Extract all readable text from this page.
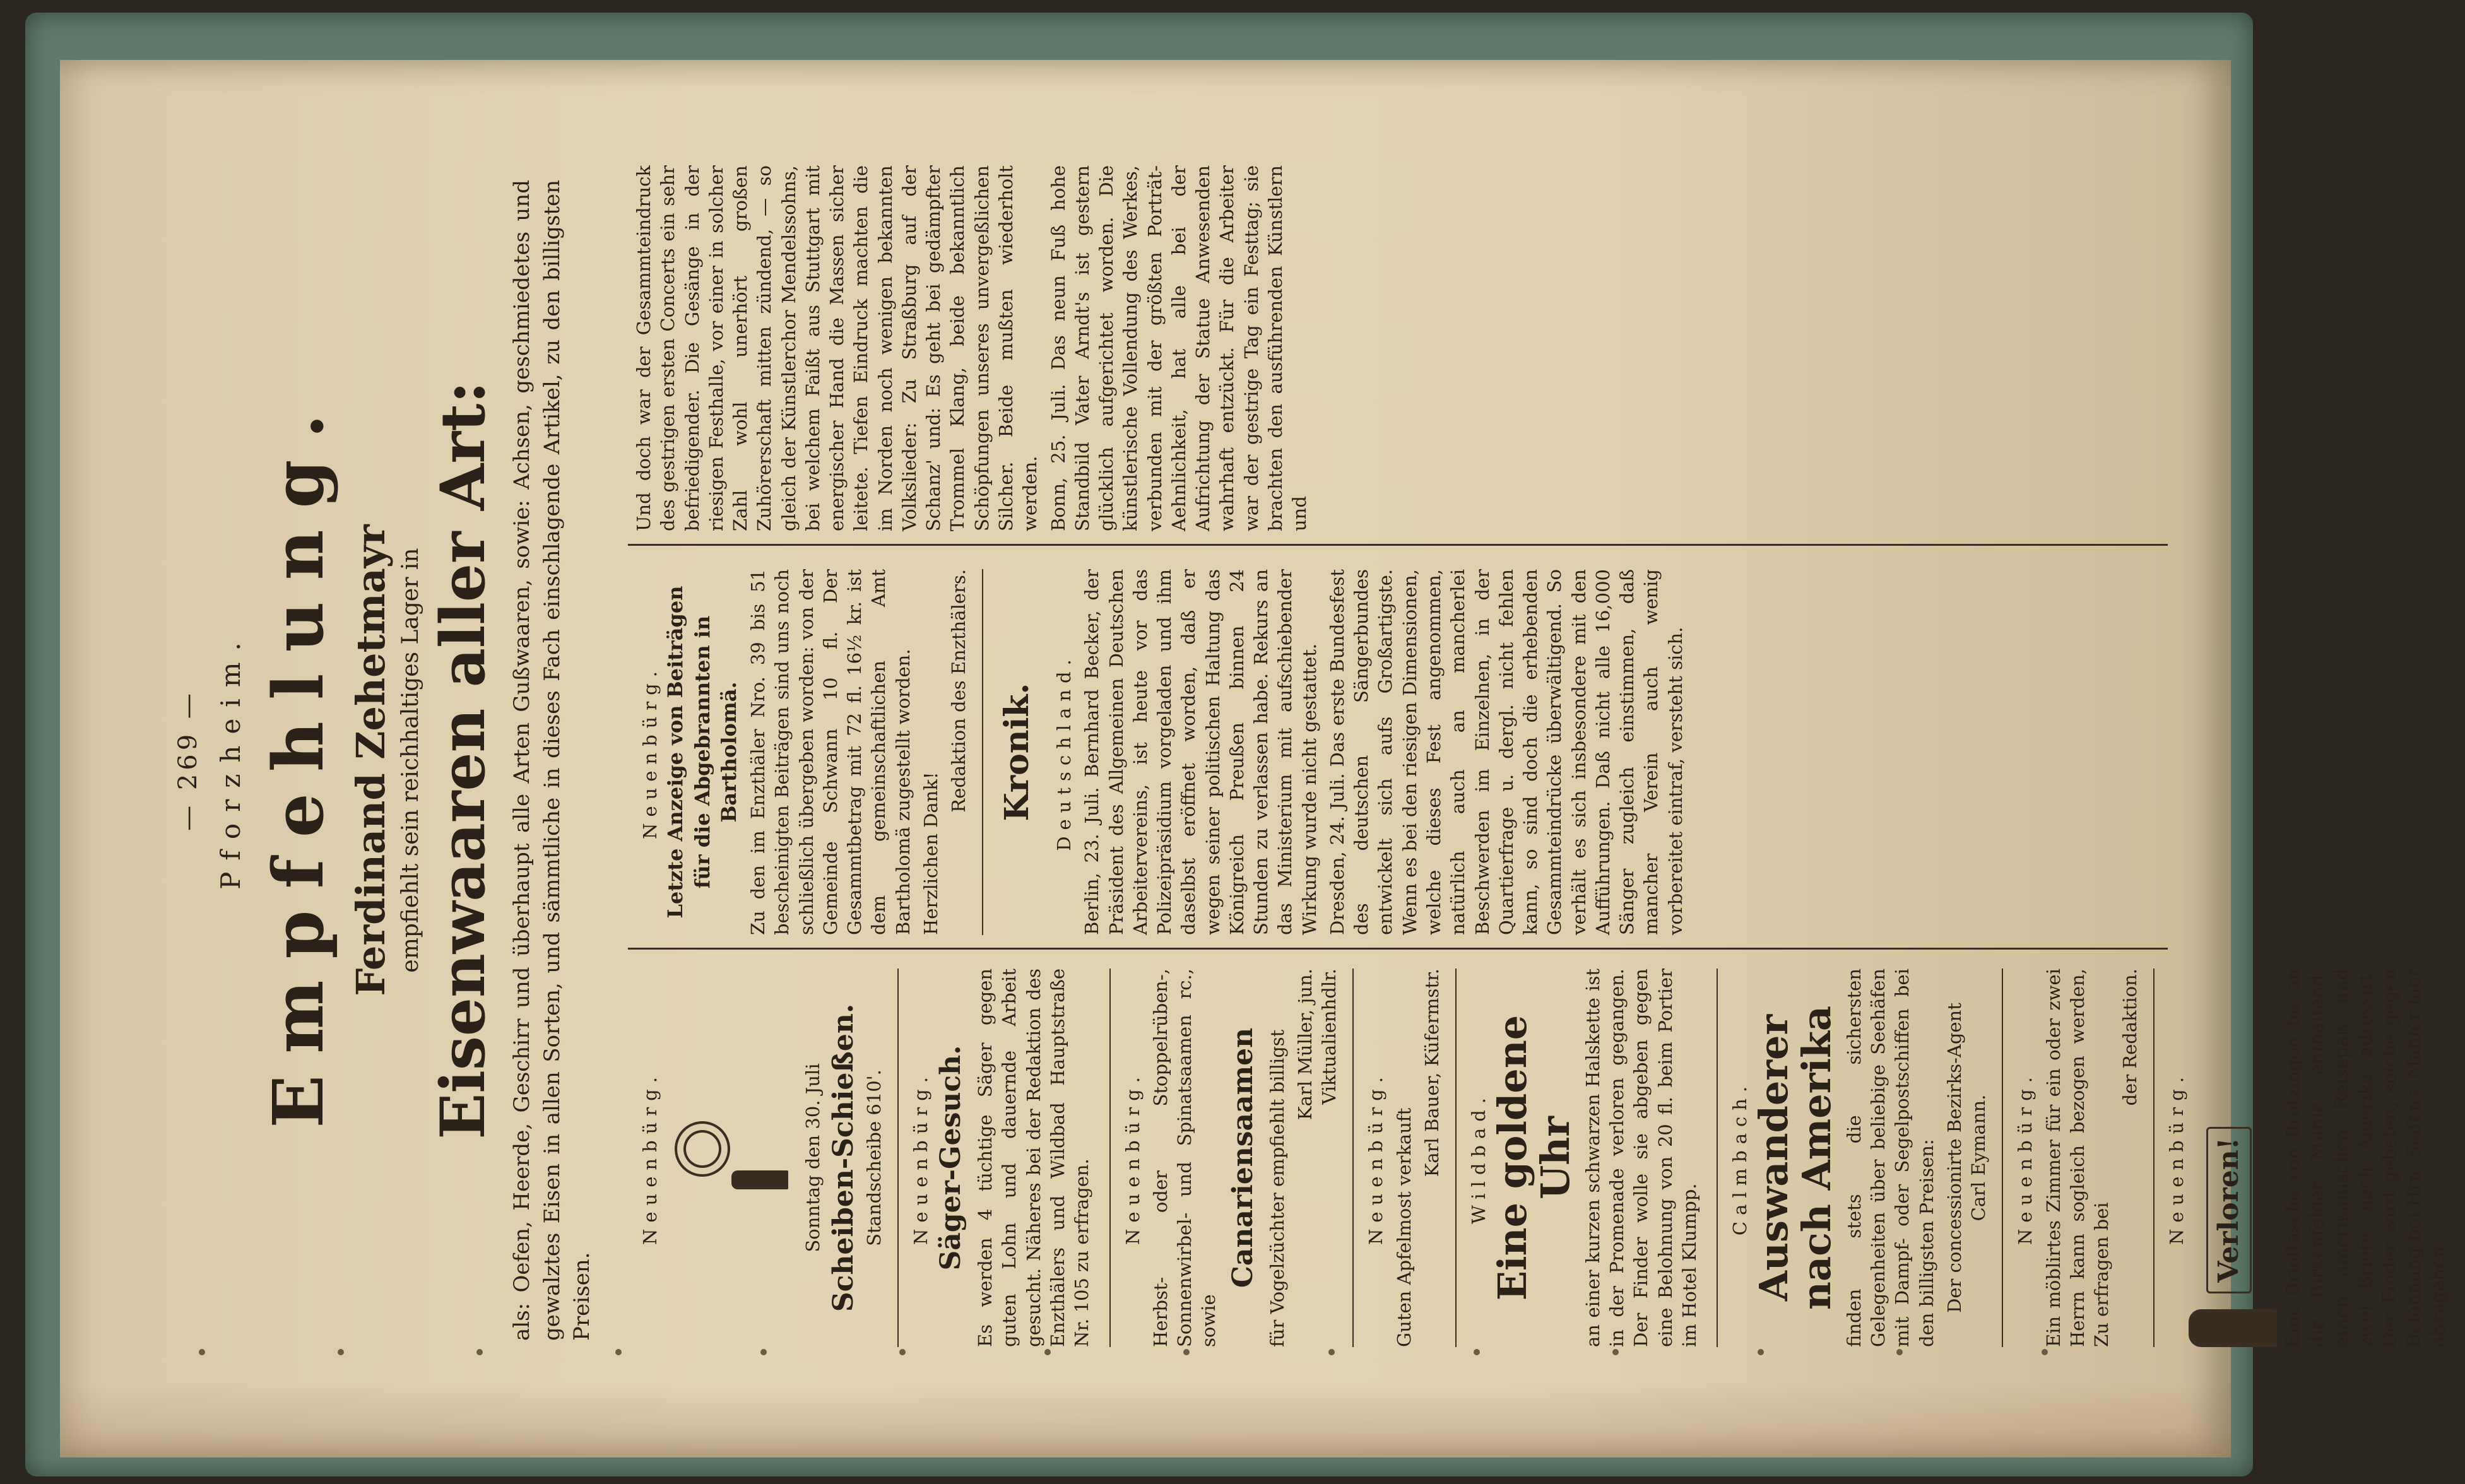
— 269 — Pforzheim. Empfehlung. Ferdinand Zehetmayr empfiehlt sein reichhaltiges Lager in Eisenwaaren aller Art: als: Oefen, Heerde, Geschirr und überhaupt alle Arten Gußwaaren, sowie: Achsen, geschmiedetes und gewalztes Eisen in allen Sorten, und sämmtliche in dieses Fach einschlagende Artikel, zu den billigsten Preisen.
Neuenbürg.	Sonntag den 30. Juli Scheiben-Schießen. Standscheibe 610'. Neuenbürg. Säger-Gesuch. Es werden 4 tüchtige Säger gegen guten Lohn und dauernde Arbeit gesucht. Näheres bei der Redaktion des Enzthälers und Wildbad Hauptstraße Nr. 105 zu erfragen.

Neuenbürg. Herbst- oder Stoppelrüben-, Sonnenwirbel- und Spinatsaamen rc., sowie

Canariensaamen für Vogelzüchter empfiehlt billigst Karl Müller, jun. Viktualienhdlr.
Neuenbürg. Guten Apfelmost verkauft

Karl Bauer, Küfermstr. Wildbad. Eine goldene Uhr an einer kurzen schwarzen Halskette ist in der Promenade verloren gegangen. Der Finder wolle sie abgeben gegen eine Belohnung von 20 fl. beim Portier im Hotel Klumpp.

Calmbach. Auswanderer nach Amerika finden stets die sichersten Gelegenheiten über beliebige Seehäfen mit Dampf- oder Segelpostschiffen bei den billigsten Preisen: Der concessionirte Bezirks-Agent Carl Eymann. Neuenbürg. Ein möblirtes Zimmer für ein oder zwei Herrn kann sogleich bezogen werden, Zu erfragen bei

der Redaktion.
Neuenbürg. Verloren!	Eine Brieftasche von Brötzingen bis an die Birkenfelder Mühle, enthaltend: einen amerikanischen Reisepaß und zwei Briefe, nach Amerika adressirt. Der Finder wird gebeten, solche gegen Belohnung bei Hrn. Seifens. Mahler hier abzugeben.

Neuenbürg. Letzte Anzeige von Beiträgen für die Abgebrannten in Bartholomä. Zu den im Enzthäler Nro. 39 bis 51 bescheinigten Beiträgen sind uns noch schließlich übergeben worden: von der Gemeinde Schwann 10 fl. Der Gesammtbetrag mit 72 fl. 16½ kr. ist dem gemeinschaftlichen Amt Bartholomä zugestellt worden. Herzlichen Dank!

Redaktion des Enzthälers. Kronik. Deutschland. Berlin, 23. Juli. Bernhard Becker, der Präsident des Allgemeinen Deutschen Arbeitervereins, ist heute vor das Polizeipräsidium vorgeladen und ihm daselbst eröffnet worden, daß er wegen seiner politischen Haltung das Königreich Preußen binnen 24 Stunden zu verlassen habe. Rekurs an das Ministerium mit aufschiebender Wirkung wurde nicht gestattet. Dresden, 24. Juli. Das erste Bundesfest des deutschen Sängerbundes entwickelt sich aufs Großartigste. Wenn es bei den riesigen Dimensionen, welche dieses Fest angenommen, natürlich auch an mancherlei Beschwerden im Einzelnen, in der Quartierfrage u. dergl. nicht fehlen kann, so sind doch die erhebenden Gesammteindrücke überwältigend. So verhält es sich insbesondere mit den Aufführungen. Daß nicht alle 16,000 Sänger zugleich einstimmen, daß mancher Verein auch wenig vorbereitet eintraf, versteht sich.

Und doch war der Gesammteindruck des gestrigen ersten Concerts ein sehr befriedigender. Die Gesänge in der riesigen Festhalle, vor einer in solcher Zahl wohl unerhört großen Zuhörerschaft mitten zündend, — so gleich der Künstlerchor Mendelssohns, bei welchem Faißt aus Stuttgart mit energischer Hand die Massen sicher leitete. Tiefen Eindruck machten die im Norden noch wenigen bekannten Volkslieder: Zu Straßburg auf der Schanz' und: Es geht bei gedämpfter Trommel Klang, beide bekanntlich Schöpfungen unseres unvergeßlichen Silcher. Beide mußten wiederholt werden. Bonn, 25. Juli. Das neun Fuß hohe Standbild Vater Arndt's ist gestern glücklich aufgerichtet worden. Die künstlerische Vollendung des Werkes, verbunden mit der größten Porträt-Aehnlichkeit, hat alle bei der Aufrichtung der Statue Anwesenden wahrhaft entzückt. Für die Arbeiter war der gestrige Tag ein Festtag; sie brachten den ausführenden Künstlern und
